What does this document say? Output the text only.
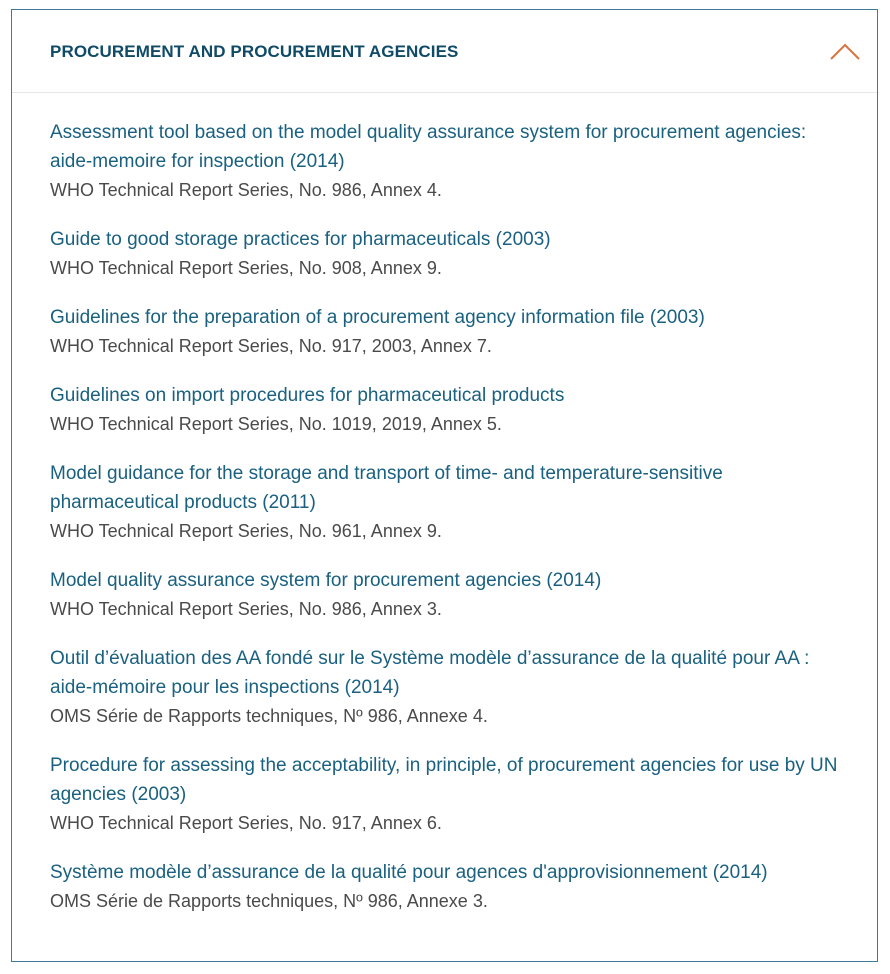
PROCUREMENT AND PROCUREMENT AGENCIES
Assessment tool based on the model quality assurance system for procurement agencies: aide-memoire for inspection (2014)
WHO Technical Report Series, No. 986, Annex 4.
Guide to good storage practices for pharmaceuticals (2003)
WHO Technical Report Series, No. 908, Annex 9.
Guidelines for the preparation of a procurement agency information file (2003)
WHO Technical Report Series, No. 917, 2003, Annex 7.
Guidelines on import procedures for pharmaceutical products
WHO Technical Report Series, No. 1019, 2019, Annex 5.
Model guidance for the storage and transport of time- and temperature-sensitive pharmaceutical products (2011)
WHO Technical Report Series, No. 961, Annex 9.
Model quality assurance system for procurement agencies (2014)
WHO Technical Report Series, No. 986, Annex 3.
Outil d’évaluation des AA fondé sur le Système modèle d’assurance de la qualité pour AA : aide-mémoire pour les inspections (2014)
OMS Série de Rapports techniques, Nº 986, Annexe 4.
Procedure for assessing the acceptability, in principle, of procurement agencies for use by UN agencies (2003)
WHO Technical Report Series, No. 917, Annex 6.
Système modèle d’assurance de la qualité pour agences d'approvisionnement (2014)
OMS Série de Rapports techniques, Nº 986, Annexe 3.
